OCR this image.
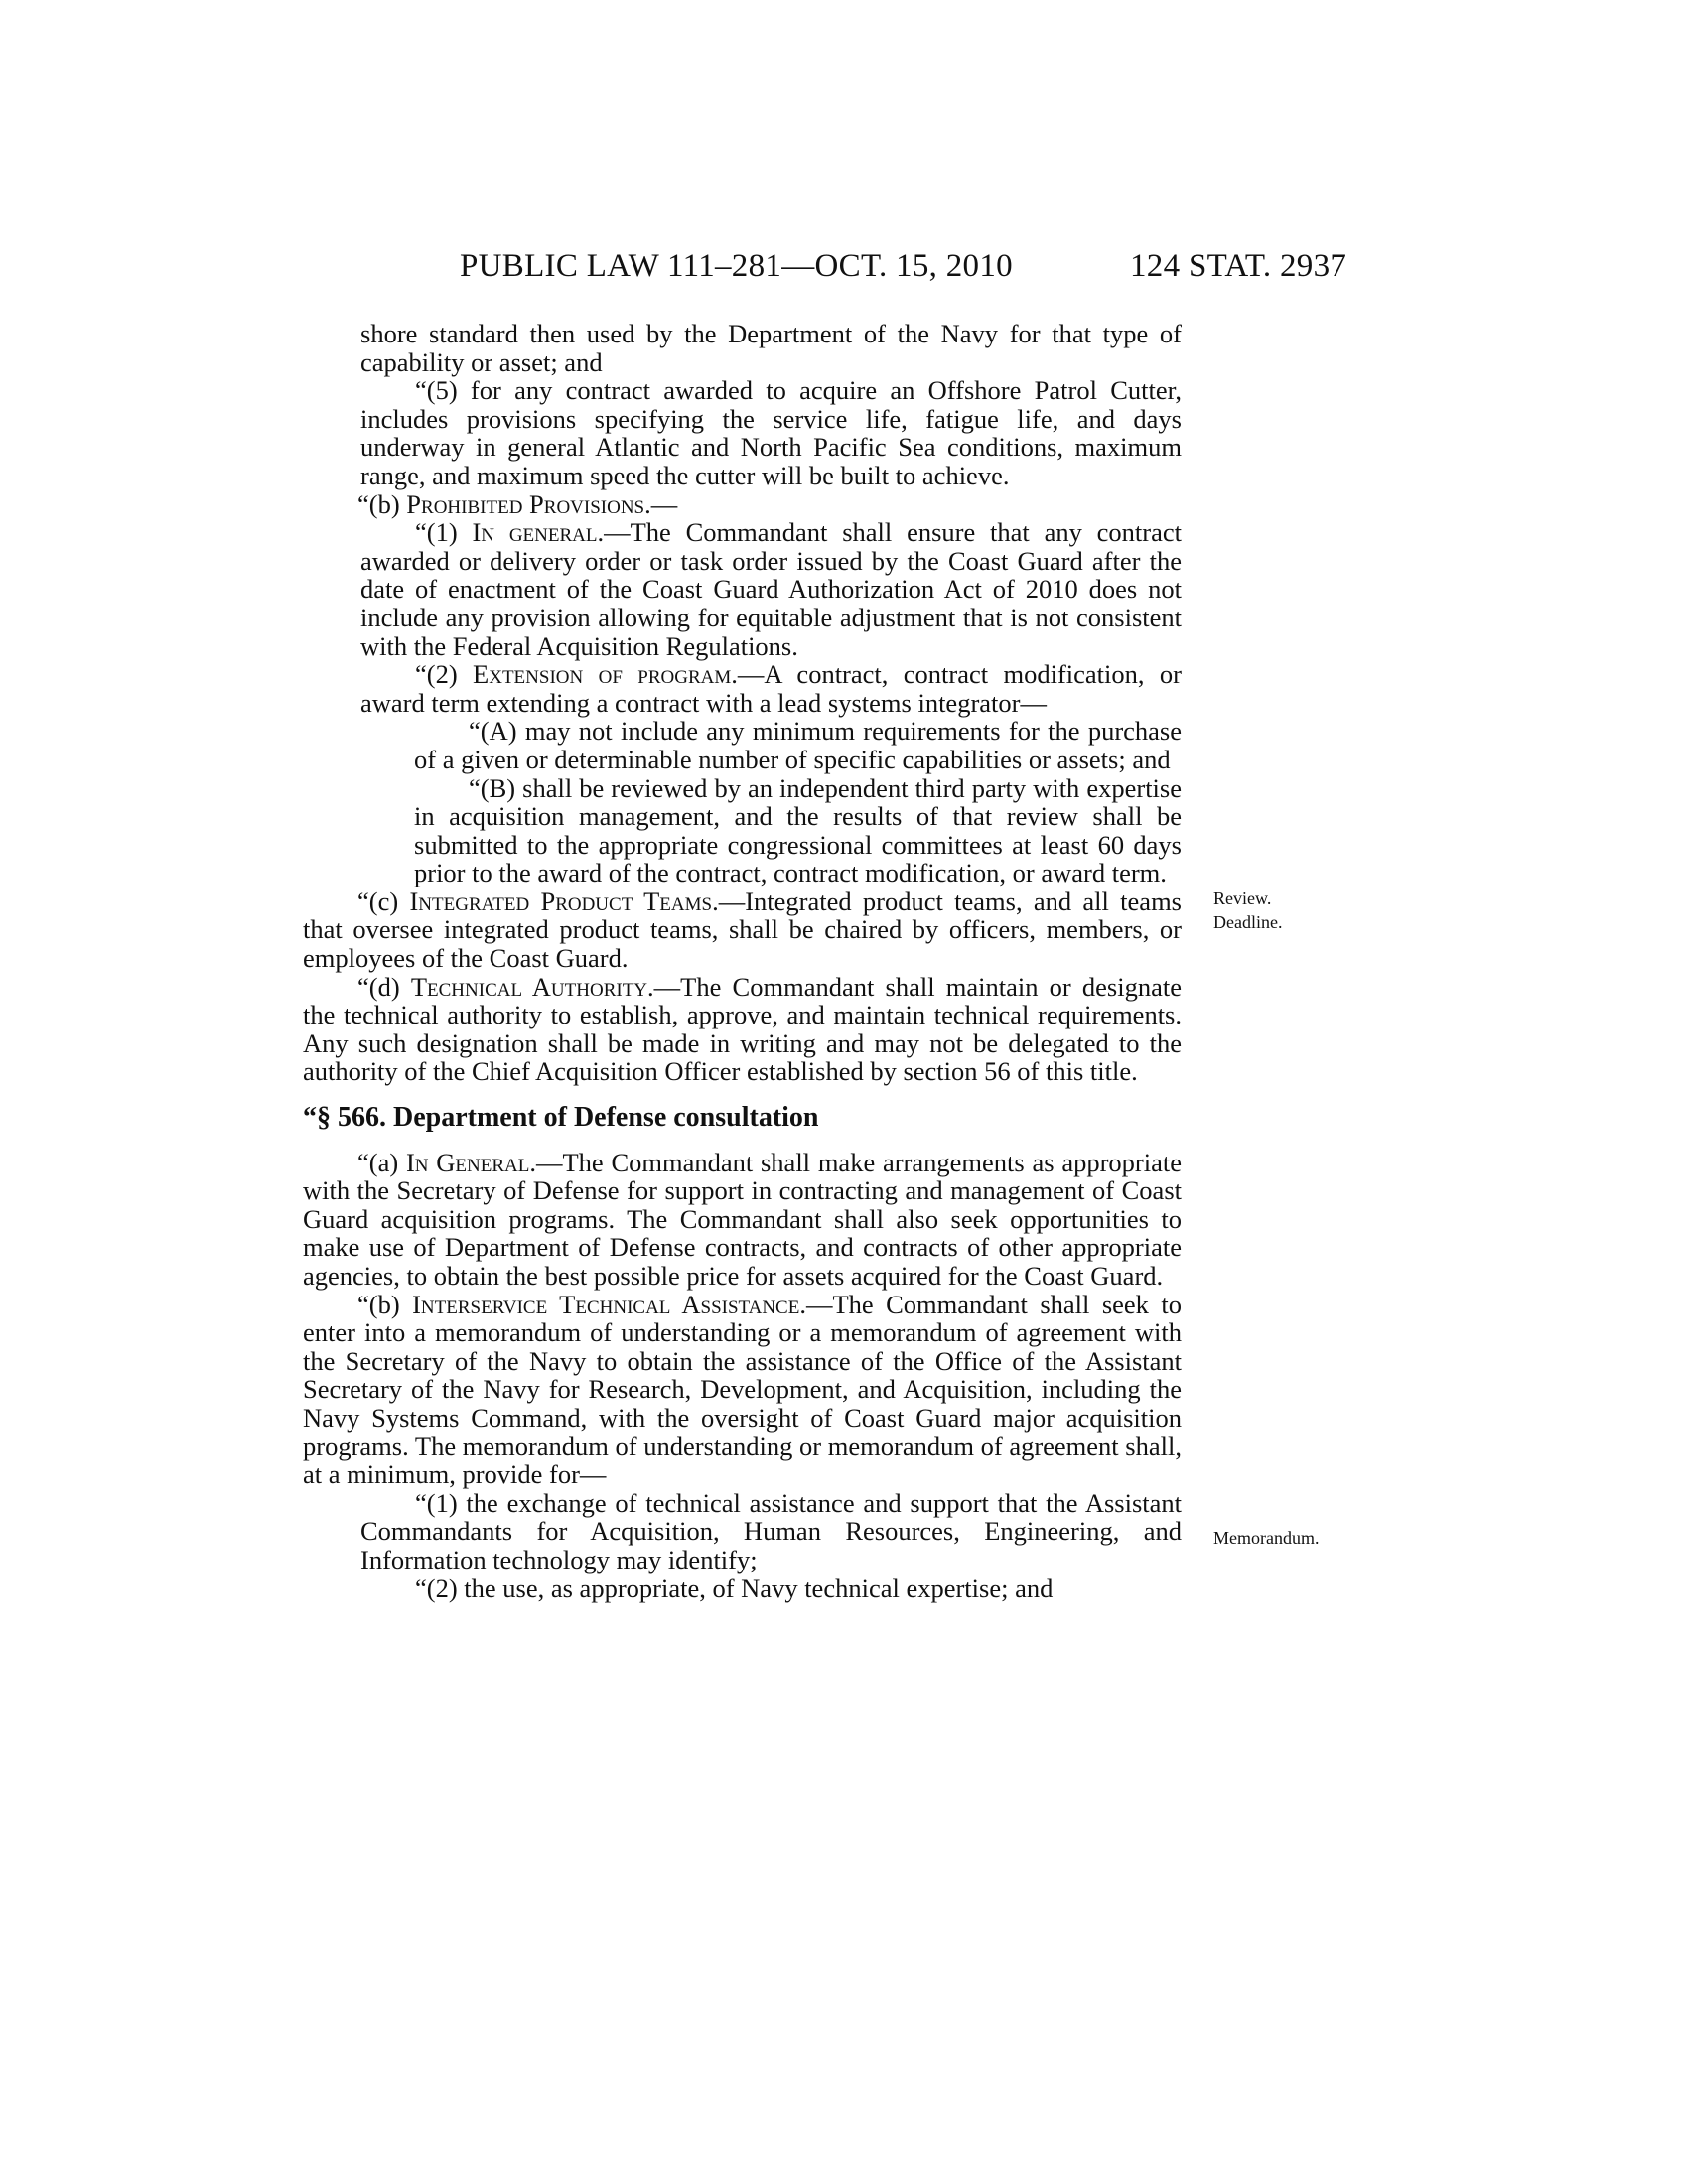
PUBLIC LAW 111–281—OCT. 15, 2010	124 STAT. 2937

shore standard then used by the Department of the Navy for that type of capability or asset; and

“(5) for any contract awarded to acquire an Offshore Patrol Cutter, includes provisions specifying the service life, fatigue life, and days underway in general Atlantic and North Pacific Sea conditions, maximum range, and maximum speed the cutter will be built to achieve.

“(b) Prohibited Provisions.—

“(1) In general.—The Commandant shall ensure that any contract awarded or delivery order or task order issued by the Coast Guard after the date of enactment of the Coast Guard Authorization Act of 2010 does not include any provision allowing for equitable adjustment that is not consistent with the Federal Acquisition Regulations.

“(2) Extension of program.—A contract, contract modification, or award term extending a contract with a lead systems integrator—

“(A) may not include any minimum requirements for the purchase of a given or determinable number of specific capabilities or assets; and

“(B) shall be reviewed by an independent third party with expertise in acquisition management, and the results of that review shall be submitted to the appropriate congressional committees at least 60 days prior to the award of the contract, contract modification, or award term.

“(c) Integrated Product Teams.—Integrated product teams, and all teams that oversee integrated product teams, shall be chaired by officers, members, or employees of the Coast Guard.

“(d) Technical Authority.—The Commandant shall maintain or designate the technical authority to establish, approve, and maintain technical requirements. Any such designation shall be made in writing and may not be delegated to the authority of the Chief Acquisition Officer established by section 56 of this title.

“§ 566. Department of Defense consultation

“(a) In General.—The Commandant shall make arrangements as appropriate with the Secretary of Defense for support in contracting and management of Coast Guard acquisition programs. The Commandant shall also seek opportunities to make use of Department of Defense contracts, and contracts of other appropriate agencies, to obtain the best possible price for assets acquired for the Coast Guard.

“(b) Interservice Technical Assistance.—The Commandant shall seek to enter into a memorandum of understanding or a memorandum of agreement with the Secretary of the Navy to obtain the assistance of the Office of the Assistant Secretary of the Navy for Research, Development, and Acquisition, including the Navy Systems Command, with the oversight of Coast Guard major acquisition programs. The memorandum of understanding or memorandum of agreement shall, at a minimum, provide for—

“(1) the exchange of technical assistance and support that the Assistant Commandants for Acquisition, Human Resources, Engineering, and Information technology may identify;

“(2) the use, as appropriate, of Navy technical expertise; and

Review.
Deadline.
Memorandum.
